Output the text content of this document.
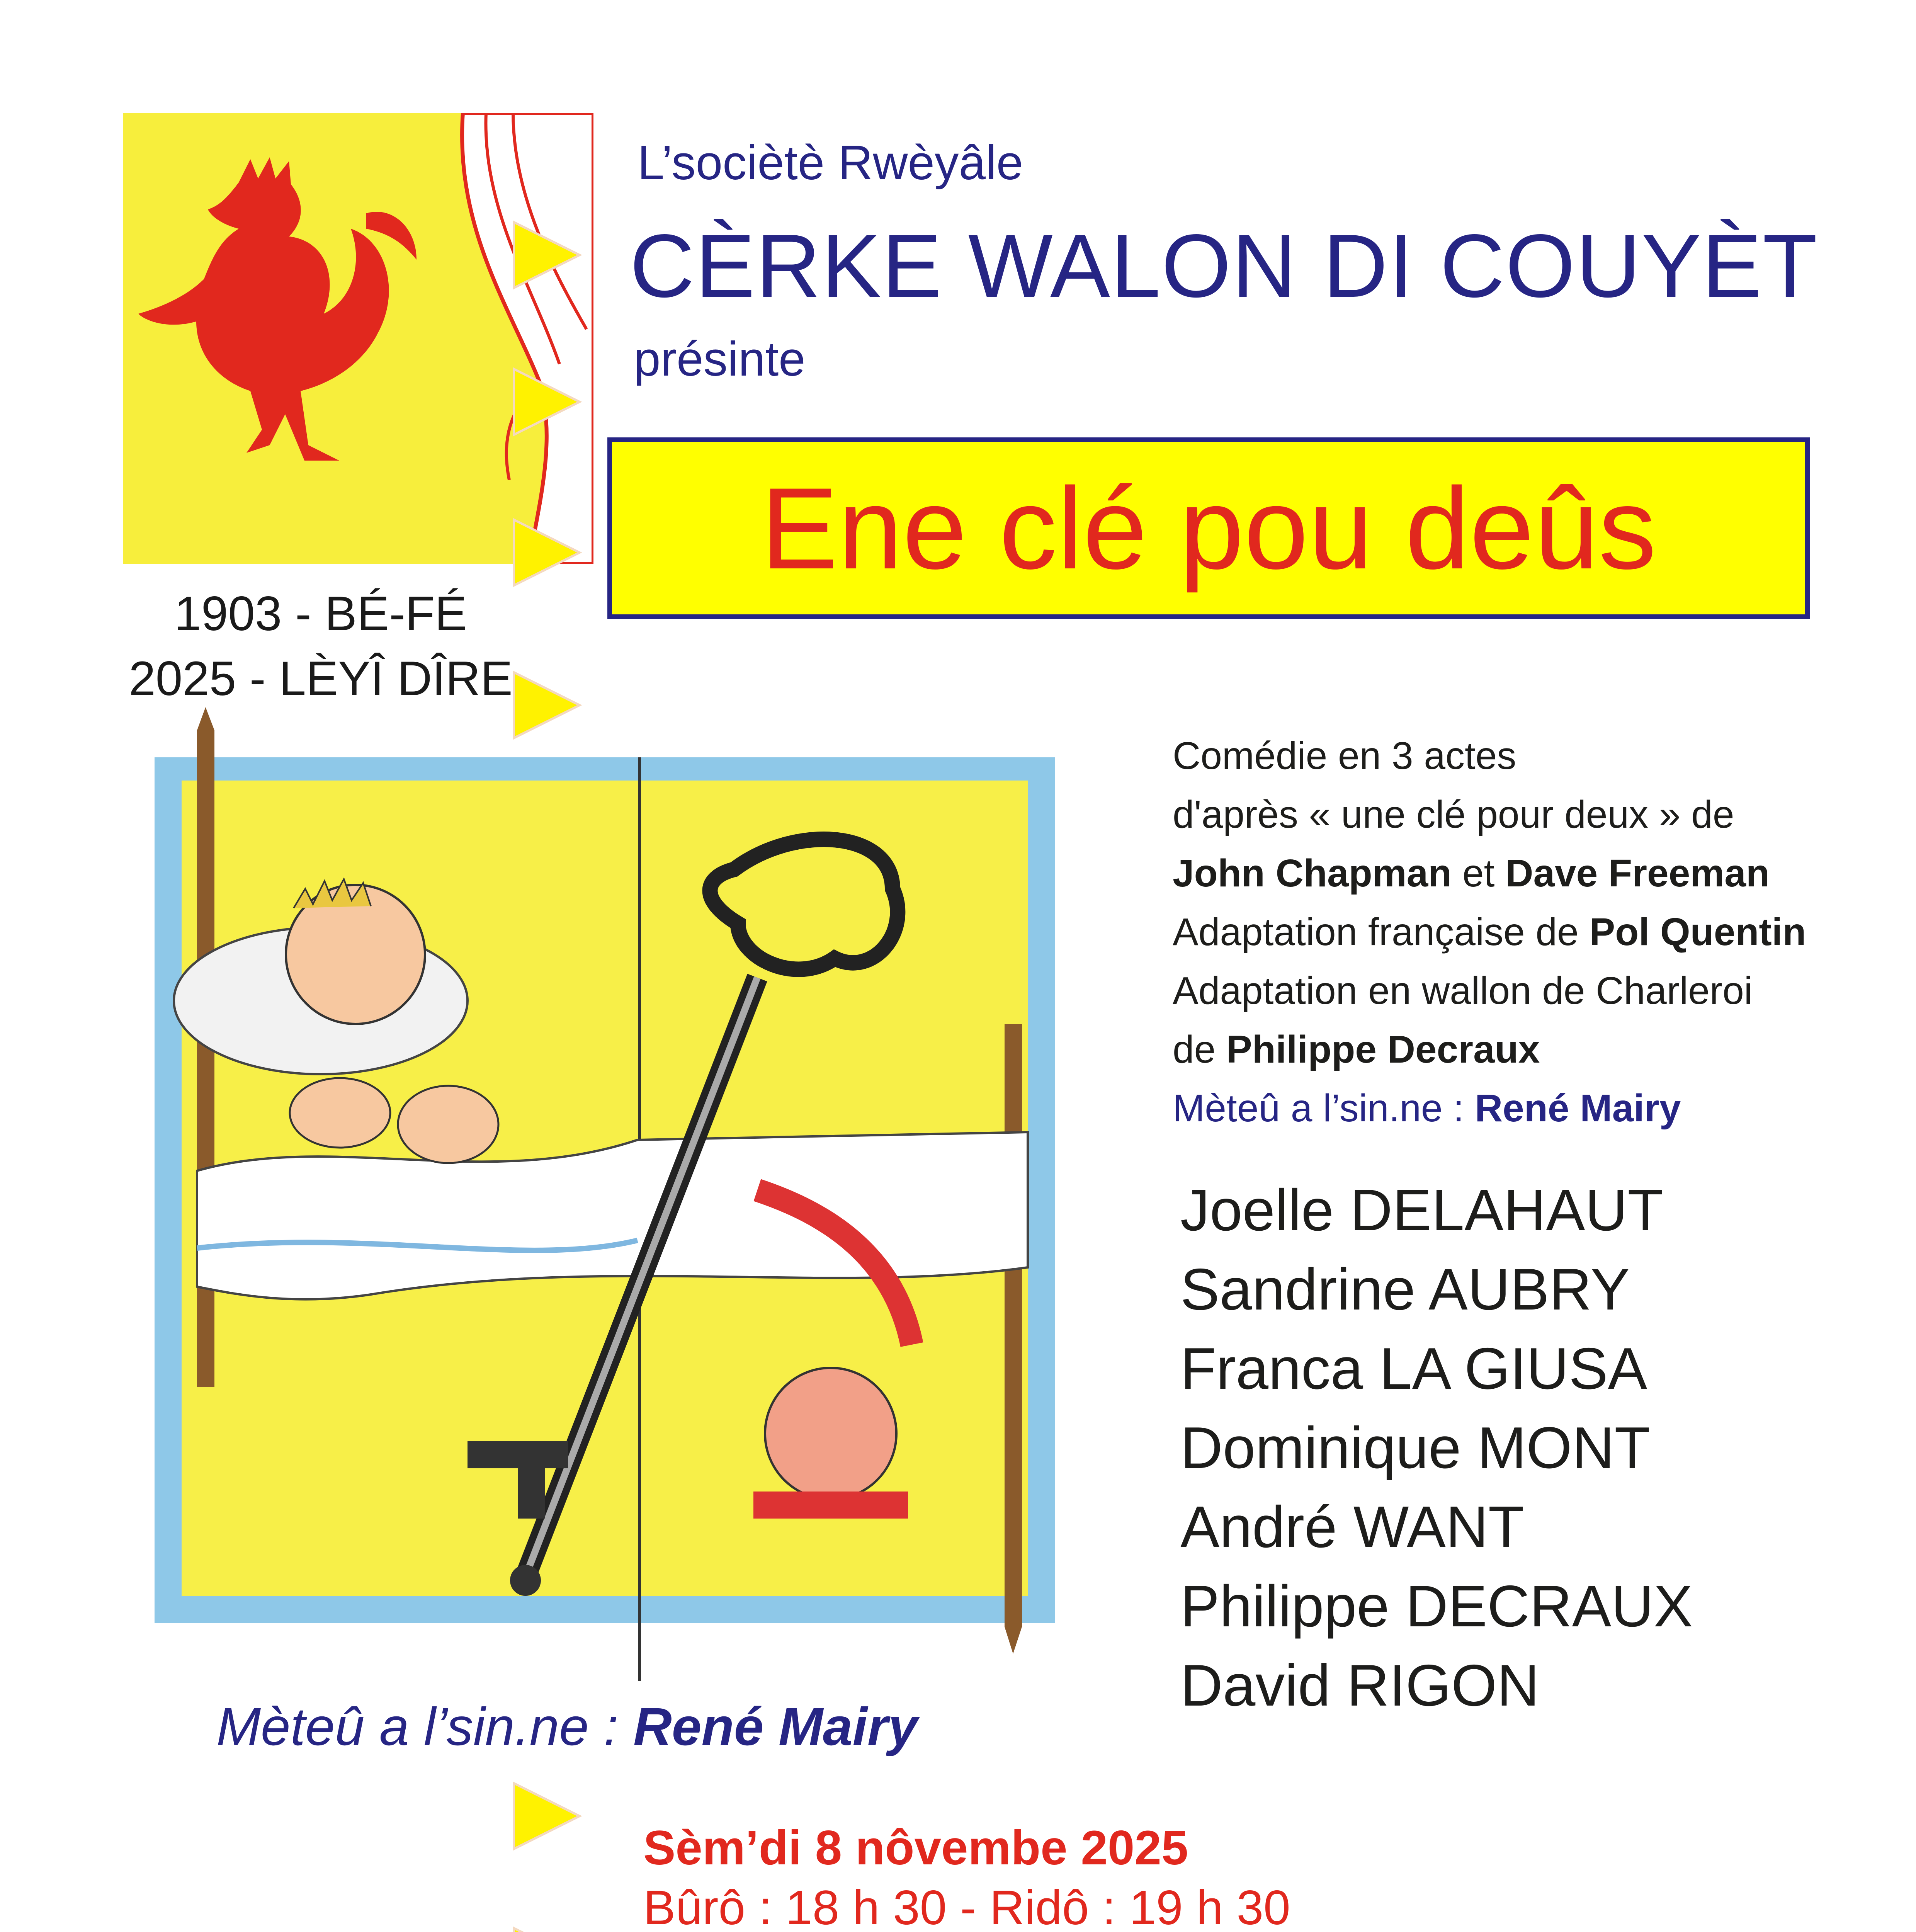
L’sociètè Rwèyâle
CÈRKE WALON DI COUYÈT
présinte
Ene clé pou deûs
1903 - BÉ-FÉ
2025 - LÈYÎ DÎRE
Mèteû a l’sin.ne : René Mairy
Comédie en 3 actes
d'après « une clé pour deux » de
John Chapman et Dave Freeman
Adaptation française de Pol Quentin
Adaptation en wallon de Charleroi
de Philippe Decraux
Mèteû a l’sin.ne : René Mairy
Joelle DELAHAUT
Sandrine AUBRY
Franca LA GIUSA
Dominique MONT
André WANT
Philippe DECRAUX
David RIGON
Sèm’di 8 nôvembe 2025
Bûrô : 18 h 30 - Ridô : 19 h 30
